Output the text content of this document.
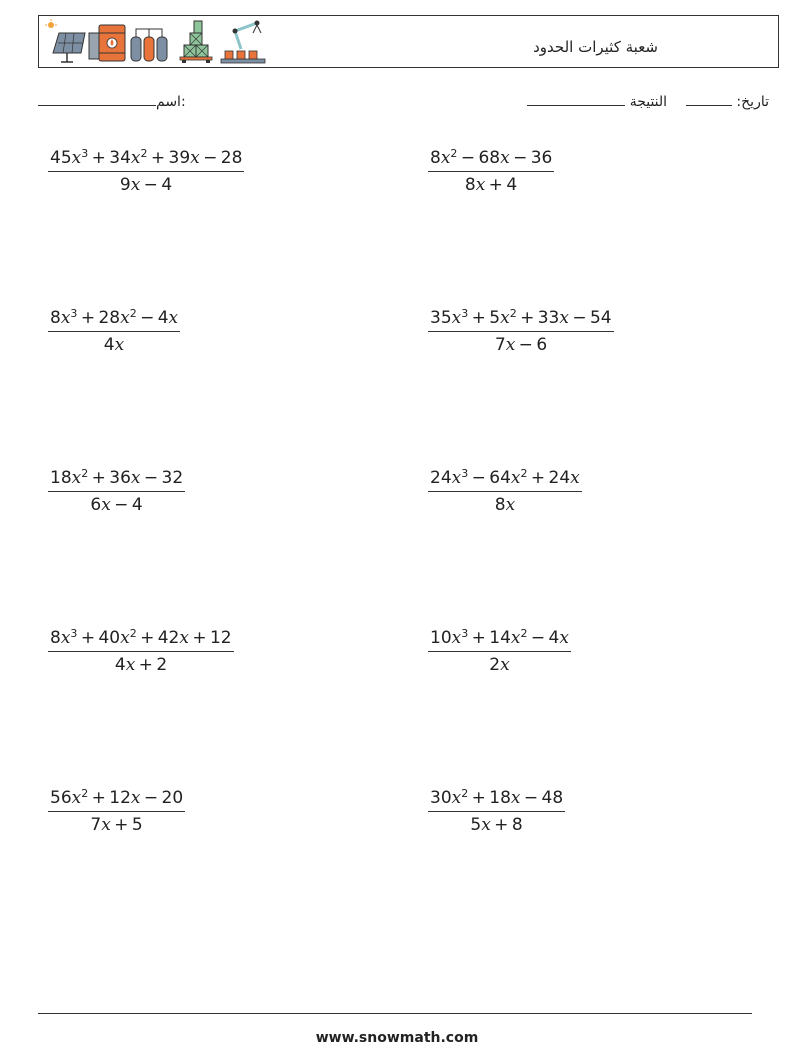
شعبة كثيرات الحدود
اسم:	تاريخ:   النتيجة
$\frac{45x^3 + 34x^2 + 39x - 28}{9x - 4}$	$\frac{8x^2 - 68x - 36}{8x + 4}$
$\frac{8x^3 + 28x^2 - 4x}{4x}$	$\frac{35x^3 + 5x^2 + 33x - 54}{7x - 6}$
$\frac{18x^2 + 36x - 32}{6x - 4}$	$\frac{24x^3 - 64x^2 + 24x}{8x}$
$\frac{8x^3 + 40x^2 + 42x + 12}{4x + 2}$	$\frac{10x^3 + 14x^2 - 4x}{2x}$
$\frac{56x^2 + 12x - 20}{7x + 5}$	$\frac{30x^2 + 18x - 48}{5x + 8}$
www.snowmath.com
